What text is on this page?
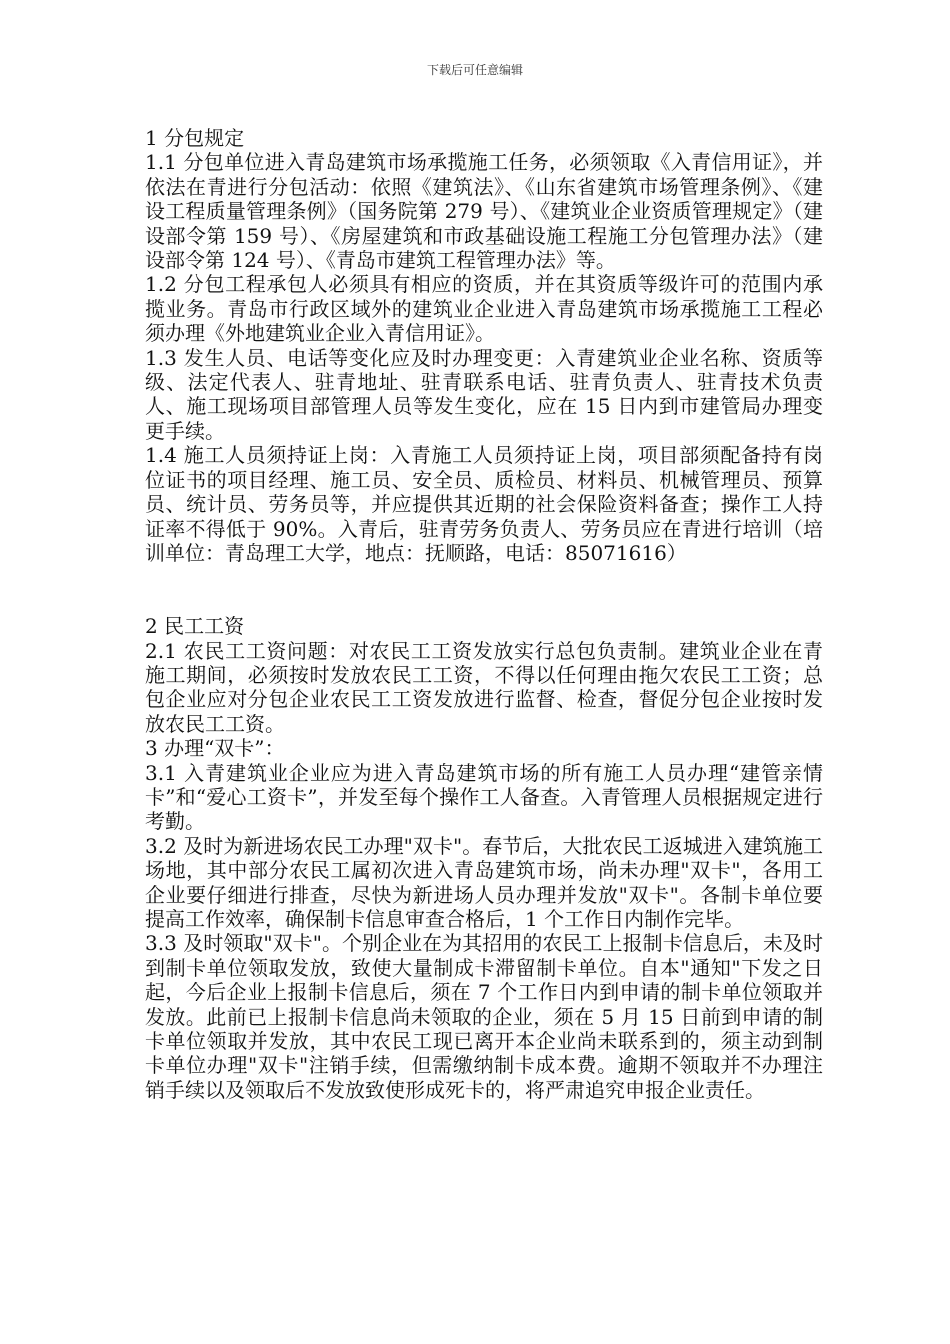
下载后可任意编辑
1 分包规定

1.1 分包单位进入青岛建筑市场承揽施工任务，必须领取《入青信用证》，并依法在青进行分包活动：依照《建筑法》、《山东省建筑市场管理条例》、《建设工程质量管理条例》（国务院第 279 号）、《建筑业企业资质管理规定》（建设部令第 159 号）、《房屋建筑和市政基础设施工程施工分包管理办法》（建设部令第 124 号）、《青岛市建筑工程管理办法》等。

1.2 分包工程承包人必须具有相应的资质，并在其资质等级许可的范围内承揽业务。青岛市行政区域外的建筑业企业进入青岛建筑市场承揽施工工程必须办理《外地建筑业企业入青信用证》。

1.3 发生人员、电话等变化应及时办理变更：入青建筑业企业名称、资质等级、法定代表人、驻青地址、驻青联系电话、驻青负责人、驻青技术负责人、施工现场项目部管理人员等发生变化，应在 15 日内到市建管局办理变更手续。

1.4 施工人员须持证上岗：入青施工人员须持证上岗，项目部须配备持有岗位证书的项目经理、施工员、安全员、质检员、材料员、机械管理员、预算员、统计员、劳务员等，并应提供其近期的社会保险资料备查；操作工人持证率不得低于 90%。入青后，驻青劳务负责人、劳务员应在青进行培训（培训单位：青岛理工大学，地点：抚顺路，电话：85071616）

2 民工工资

2.1 农民工工资问题：对农民工工资发放实行总包负责制。建筑业企业在青施工期间，必须按时发放农民工工资，不得以任何理由拖欠农民工工资；总包企业应对分包企业农民工工资发放进行监督、检查，督促分包企业按时发放农民工工资。

3 办理“双卡”：

3.1 入青建筑业企业应为进入青岛建筑市场的所有施工人员办理“建管亲情卡”和“爱心工资卡”，并发至每个操作工人备查。入青管理人员根据规定进行考勤。

3.2 及时为新进场农民工办理"双卡"。春节后，大批农民工返城进入建筑施工场地，其中部分农民工属初次进入青岛建筑市场，尚未办理"双卡"，各用工企业要仔细进行排查，尽快为新进场人员办理并发放"双卡"。各制卡单位要提高工作效率，确保制卡信息审查合格后，1 个工作日内制作完毕。

3.3 及时领取"双卡"。个别企业在为其招用的农民工上报制卡信息后，未及时到制卡单位领取发放，致使大量制成卡滞留制卡单位。自本"通知"下发之日起，今后企业上报制卡信息后，须在 7 个工作日内到申请的制卡单位领取并发放。此前已上报制卡信息尚未领取的企业，须在 5 月 15 日前到申请的制卡单位领取并发放，其中农民工现已离开本企业尚未联系到的，须主动到制卡单位办理"双卡"注销手续，但需缴纳制卡成本费。逾期不领取并不办理注销手续以及领取后不发放致使形成死卡的，将严肃追究申报企业责任。
